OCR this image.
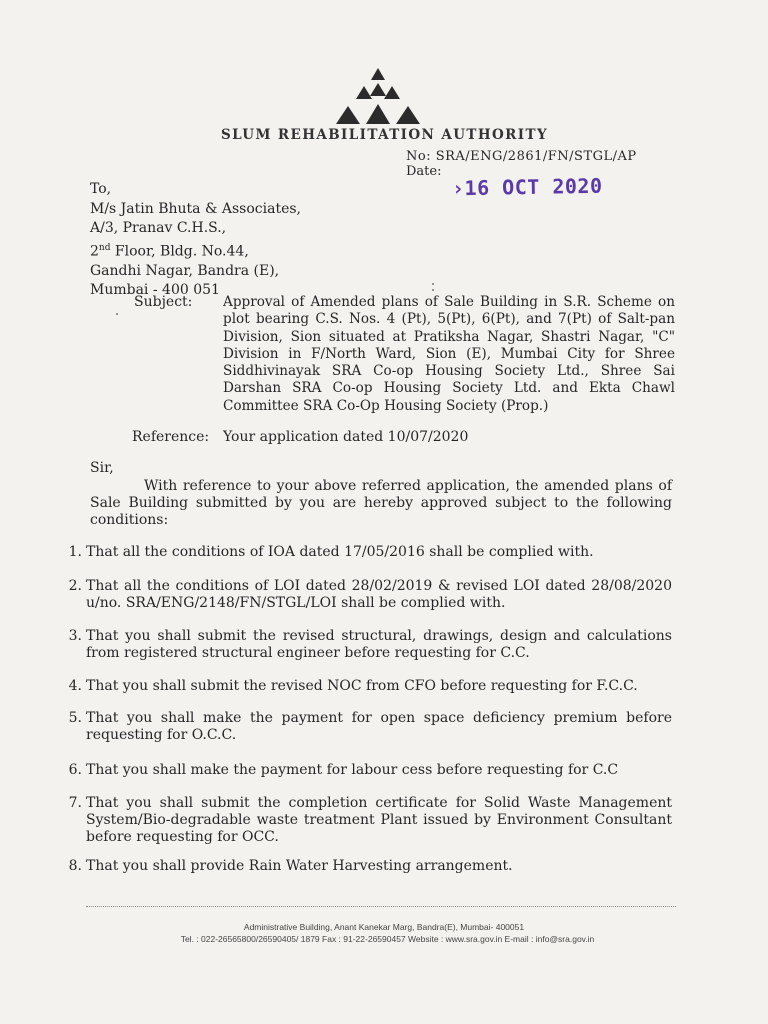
SLUM REHABILITATION AUTHORITY
No: SRA/ENG/2861/FN/STGL/AP
Date:
›16 OCT 2020
To,
M/s Jatin Bhuta & Associates,
A/3, Pranav C.H.S.,
2nd Floor, Bldg. No.44,
Gandhi Nagar, Bandra (E),
Mumbai - 400 051
Subject: Approval of Amended plans of Sale Building in S.R. Scheme on plot bearing C.S. Nos. 4 (Pt), 5(Pt), 6(Pt), and 7(Pt) of Salt-pan Division, Sion situated at Pratiksha Nagar, Shastri Nagar, "C" Division in F/North Ward, Sion (E), Mumbai City for Shree Siddhivinayak SRA Co-op Housing Society Ltd., Shree Sai Darshan SRA Co-op Housing Society Ltd. and Ekta Chawl Committee SRA Co-Op Housing Society (Prop.)
Reference: Your application dated 10/07/2020
Sir,
With reference to your above referred application, the amended plans of Sale Building submitted by you are hereby approved subject to the following conditions:
1. That all the conditions of IOA dated 17/05/2016 shall be complied with.
2. That all the conditions of LOI dated 28/02/2019 & revised LOI dated 28/08/2020 u/no. SRA/ENG/2148/FN/STGL/LOI shall be complied with.
3. That you shall submit the revised structural, drawings, design and calculations from registered structural engineer before requesting for C.C.
4. That you shall submit the revised NOC from CFO before requesting for F.C.C.
5. That you shall make the payment for open space deficiency premium before requesting for O.C.C.
6. That you shall make the payment for labour cess before requesting for C.C
7. That you shall submit the completion certificate for Solid Waste Management System/Bio-degradable waste treatment Plant issued by Environment Consultant before requesting for OCC.
8. That you shall provide Rain Water Harvesting arrangement.
Administrative Building, Anant Kanekar Marg, Bandra(E), Mumbai- 400051
Tel. : 022-26565800/26590405/ 1879 Fax : 91-22-26590457 Website : www.sra.gov.in E-mail : info@sra.gov.in
